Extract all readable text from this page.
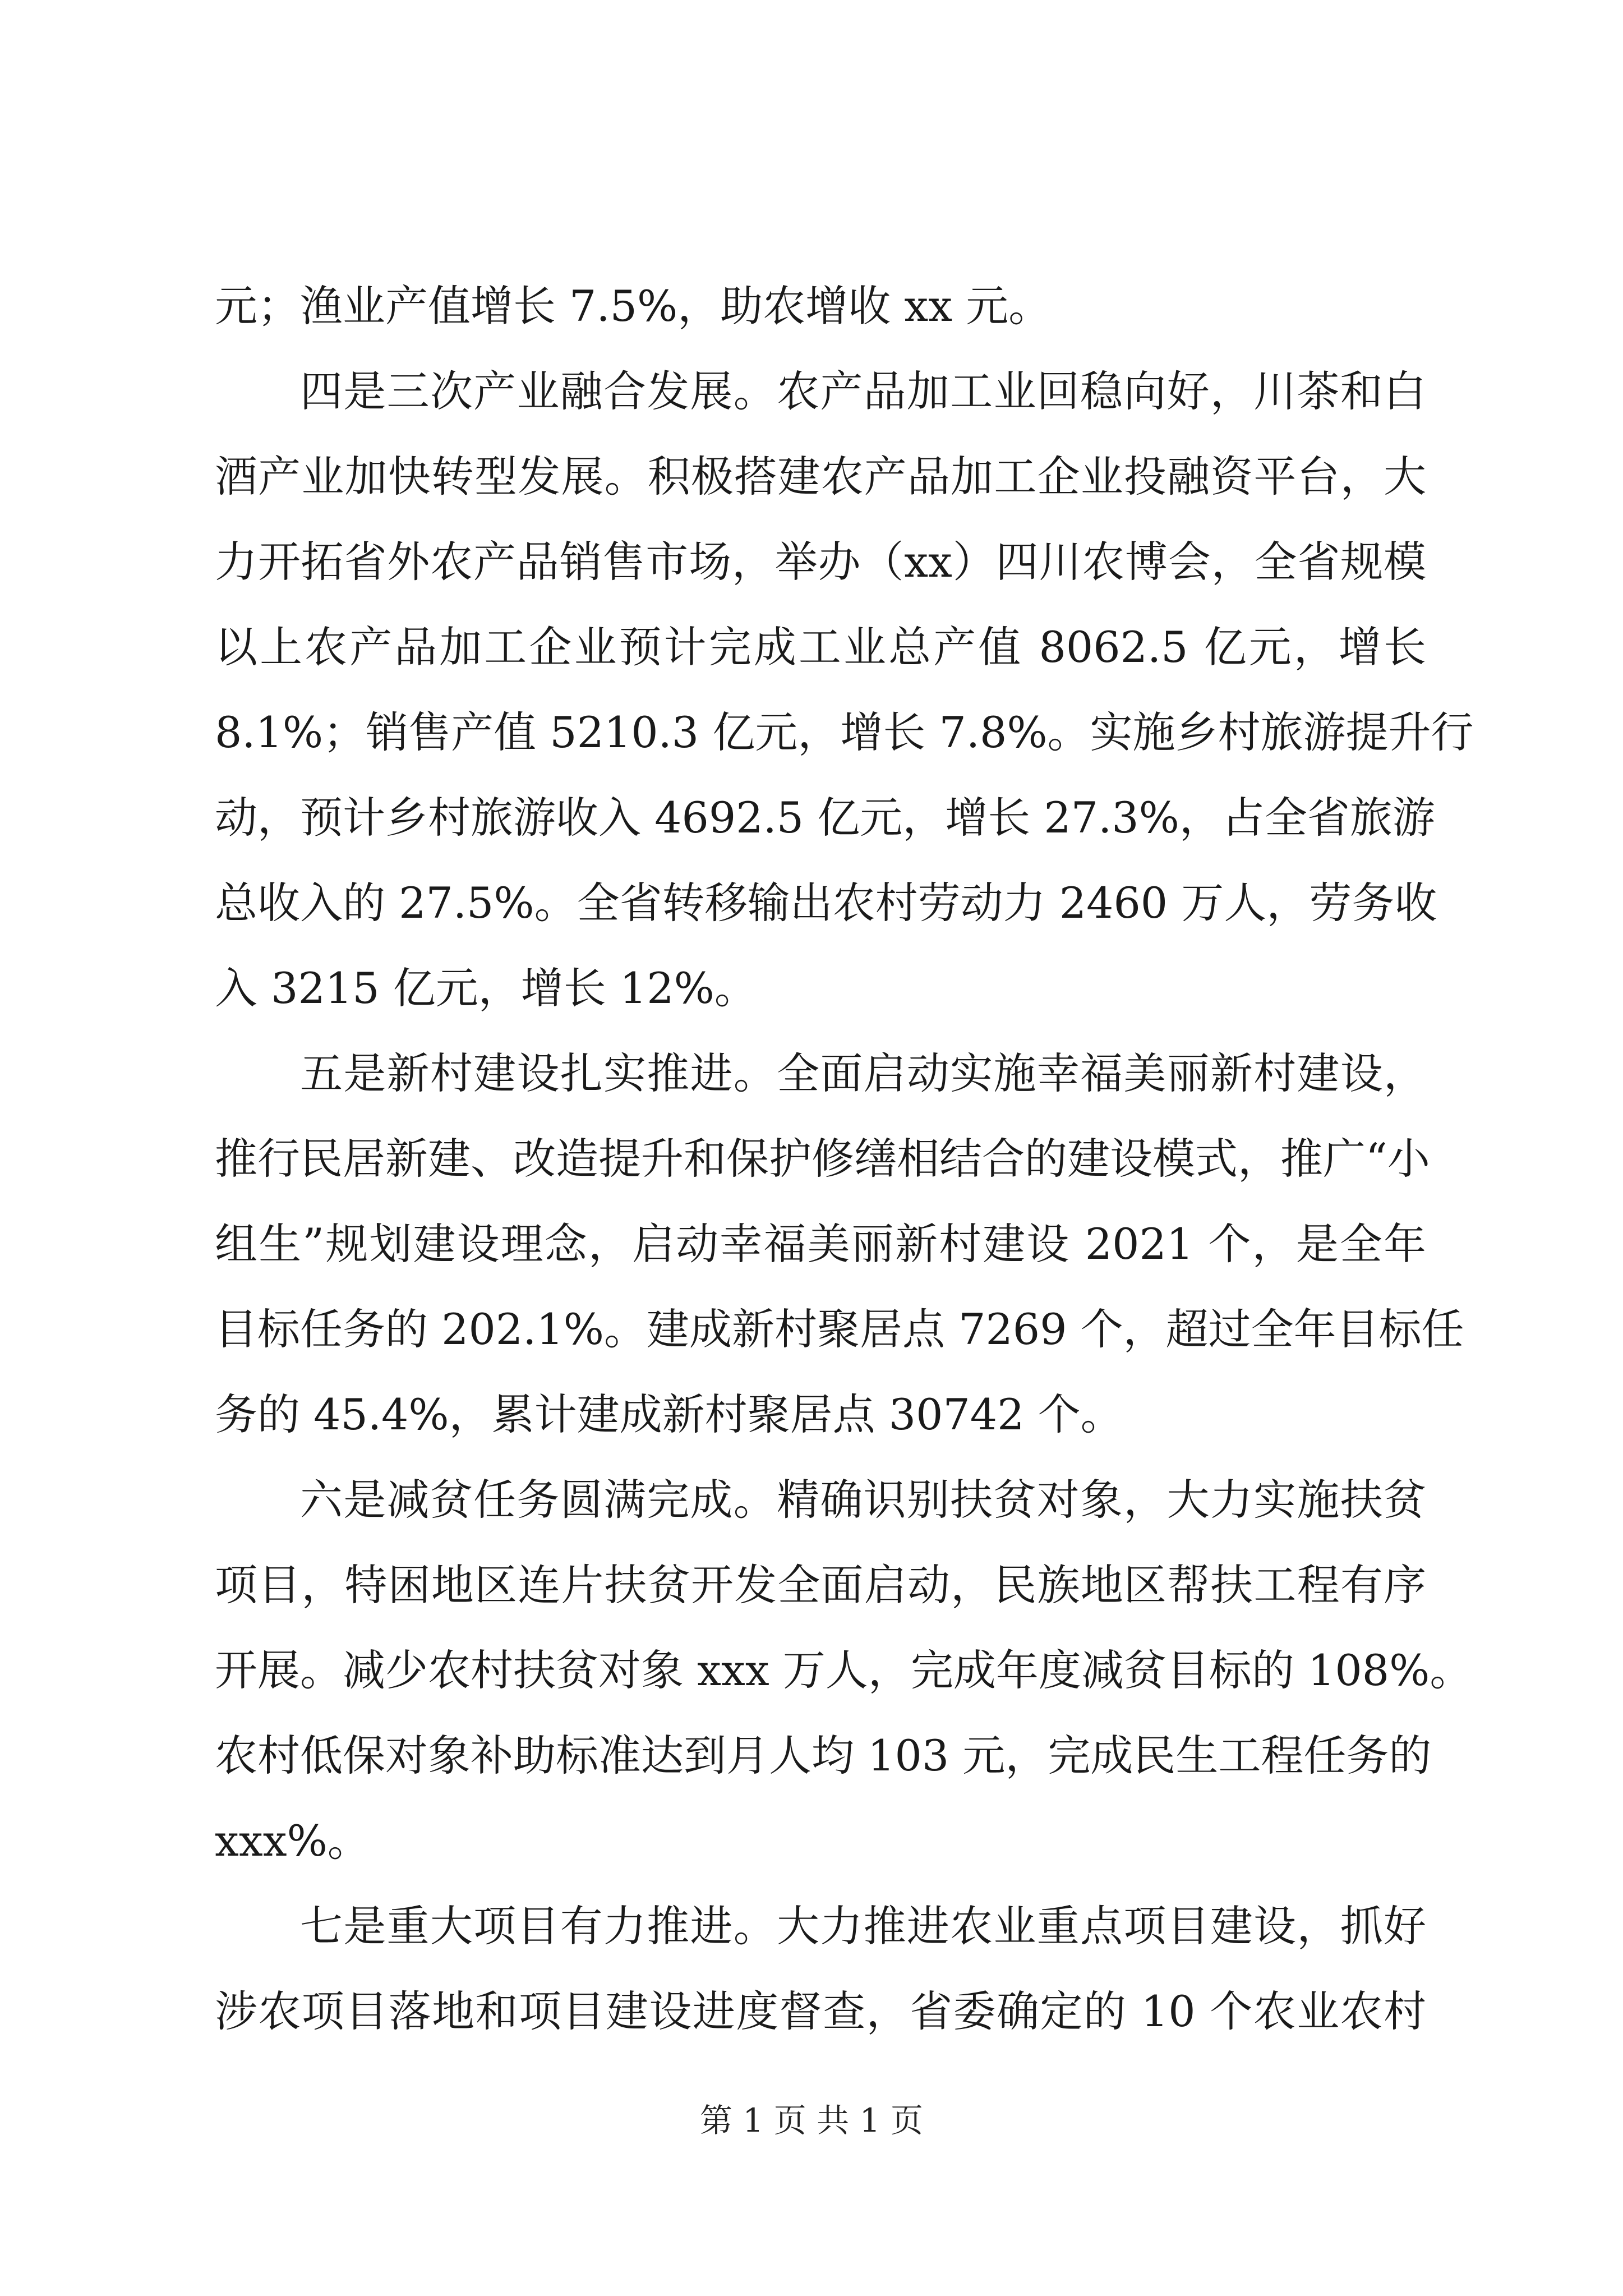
元；渔业产值增长 7.5%，助农增收 xx 元。
四是三次产业融合发展。农产品加工业回稳向好，川茶和白
酒产业加快转型发展。积极搭建农产品加工企业投融资平台，大
力开拓省外农产品销售市场，举办（xx）四川农博会，全省规模
以上农产品加工企业预计完成工业总产值 8062.5 亿元，增长
8.1%；销售产值 5210.3 亿元，增长 7.8%。实施乡村旅游提升行
动，预计乡村旅游收入 4692.5 亿元，增长 27.3%，占全省旅游
总收入的 27.5%。全省转移输出农村劳动力 2460 万人，劳务收
入 3215 亿元，增长 12%。
五是新村建设扎实推进。全面启动实施幸福美丽新村建设，
推行民居新建、改造提升和保护修缮相结合的建设模式，推广“小
组生”规划建设理念，启动幸福美丽新村建设 2021 个，是全年
目标任务的 202.1%。建成新村聚居点 7269 个，超过全年目标任
务的 45.4%，累计建成新村聚居点 30742 个。
六是减贫任务圆满完成。精确识别扶贫对象，大力实施扶贫
项目，特困地区连片扶贫开发全面启动，民族地区帮扶工程有序
开展。减少农村扶贫对象 xxx 万人，完成年度减贫目标的 108%。
农村低保对象补助标准达到月人均 103 元，完成民生工程任务的
xxx%。
七是重大项目有力推进。大力推进农业重点项目建设，抓好
涉农项目落地和项目建设进度督查，省委确定的 10 个农业农村
第 1 页 共 1 页
